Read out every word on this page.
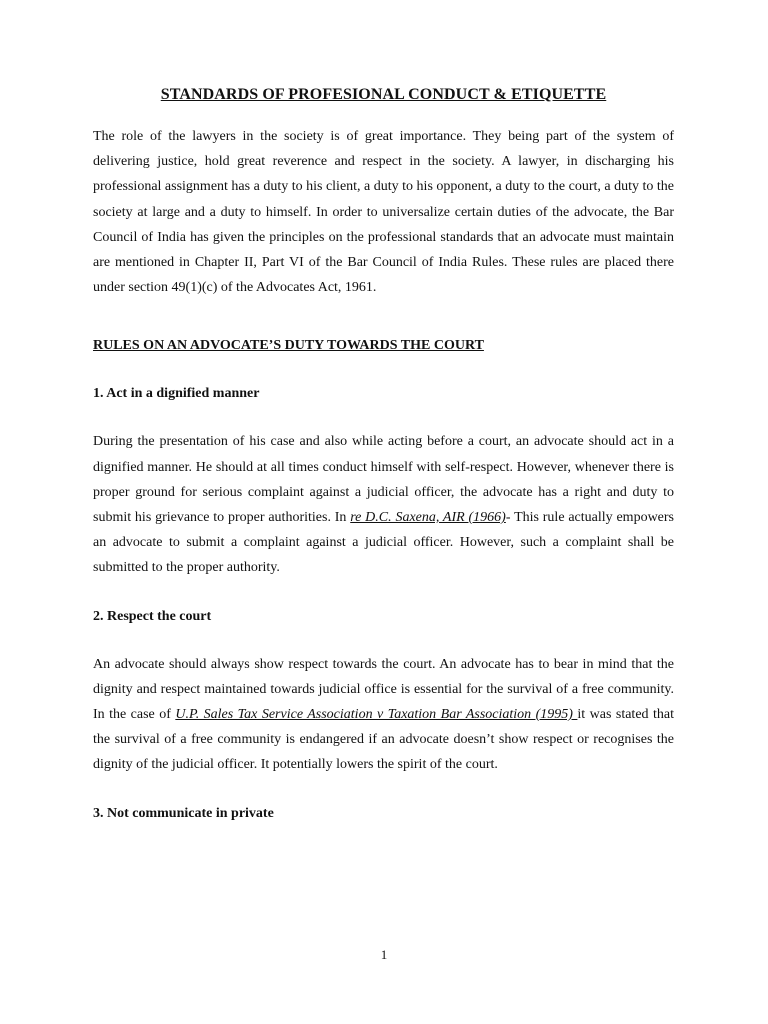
STANDARDS OF PROFESIONAL CONDUCT & ETIQUETTE

The role of the lawyers in the society is of great importance. They being part of the system of delivering justice, hold great reverence and respect in the society. A lawyer, in discharging his professional assignment has a duty to his client, a duty to his opponent, a duty to the court, a duty to the society at large and a duty to himself. In order to universalize certain duties of the advocate, the Bar Council of India has given the principles on the professional standards that an advocate must maintain are mentioned in Chapter II, Part VI of the Bar Council of India Rules. These rules are placed there under section 49(1)(c) of the Advocates Act, 1961.

RULES ON AN ADVOCATE’S DUTY TOWARDS THE COURT

1. Act in a dignified manner

During the presentation of his case and also while acting before a court, an advocate should act in a dignified manner. He should at all times conduct himself with self-respect. However, whenever there is proper ground for serious complaint against a judicial officer, the advocate has a right and duty to submit his grievance to proper authorities. In re D.C. Saxena, AIR (1966)- This rule actually empowers an advocate to submit a complaint against a judicial officer. However, such a complaint shall be submitted to the proper authority.

2. Respect the court

An advocate should always show respect towards the court. An advocate has to bear in mind that the dignity and respect maintained towards judicial office is essential for the survival of a free community. In the case of U.P. Sales Tax Service Association v Taxation Bar Association (1995) it was stated that the survival of a free community is endangered if an advocate doesn’t show respect or recognises the dignity of the judicial officer. It potentially lowers the spirit of the court.

3. Not communicate in private

1
